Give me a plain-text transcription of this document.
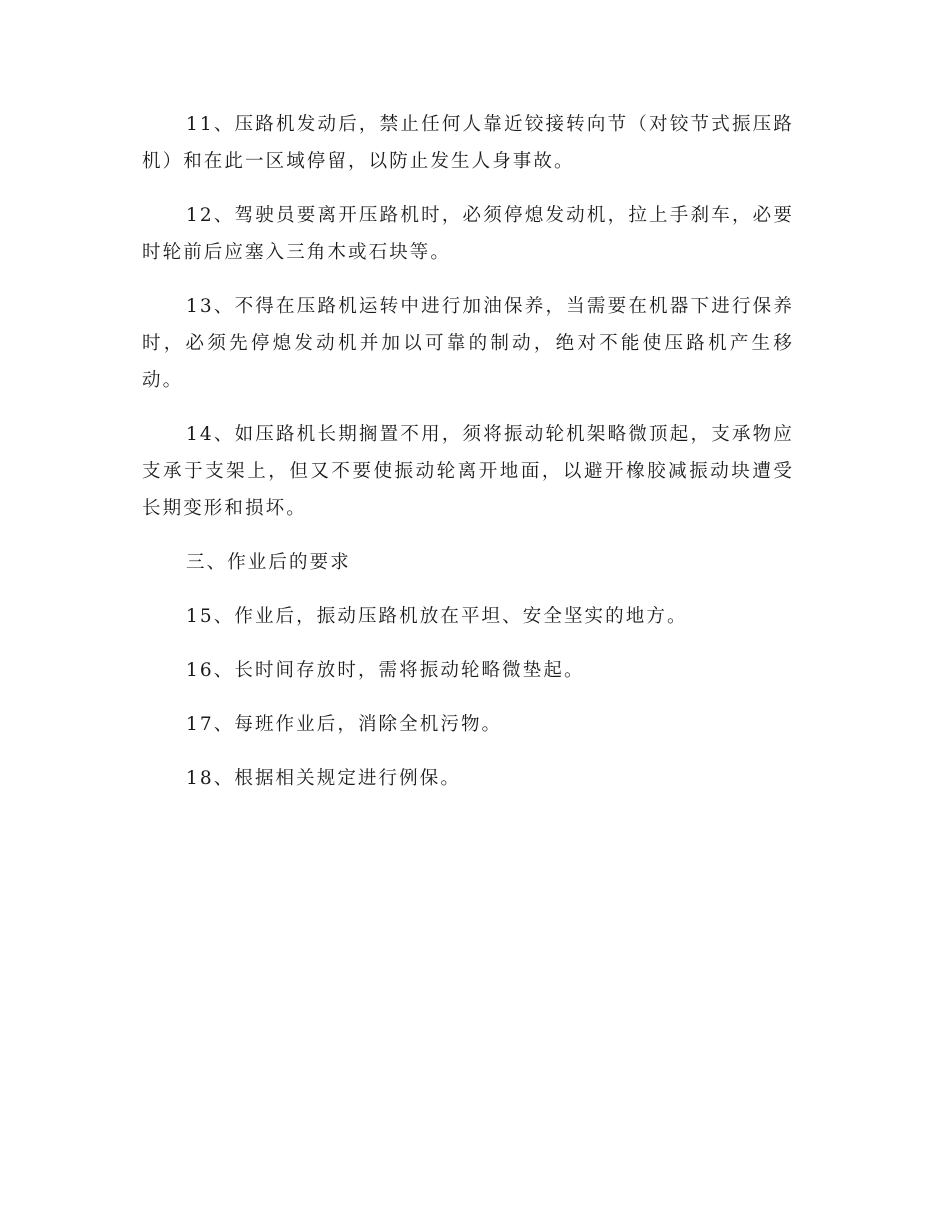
11、压路机发动后，禁止任何人靠近铰接转向节（对铰节式振压路机）和在此一区域停留，以防止发生人身事故。

12、驾驶员要离开压路机时，必须停熄发动机，拉上手刹车，必要时轮前后应塞入三角木或石块等。

13、不得在压路机运转中进行加油保养，当需要在机器下进行保养时，必须先停熄发动机并加以可靠的制动，绝对不能使压路机产生移动。

14、如压路机长期搁置不用，须将振动轮机架略微顶起，支承物应支承于支架上，但又不要使振动轮离开地面，以避开橡胶减振动块遭受长期变形和损坏。

三、作业后的要求

15、作业后，振动压路机放在平坦、安全坚实的地方。

16、长时间存放时，需将振动轮略微垫起。

17、每班作业后，消除全机污物。

18、根据相关规定进行例保。
